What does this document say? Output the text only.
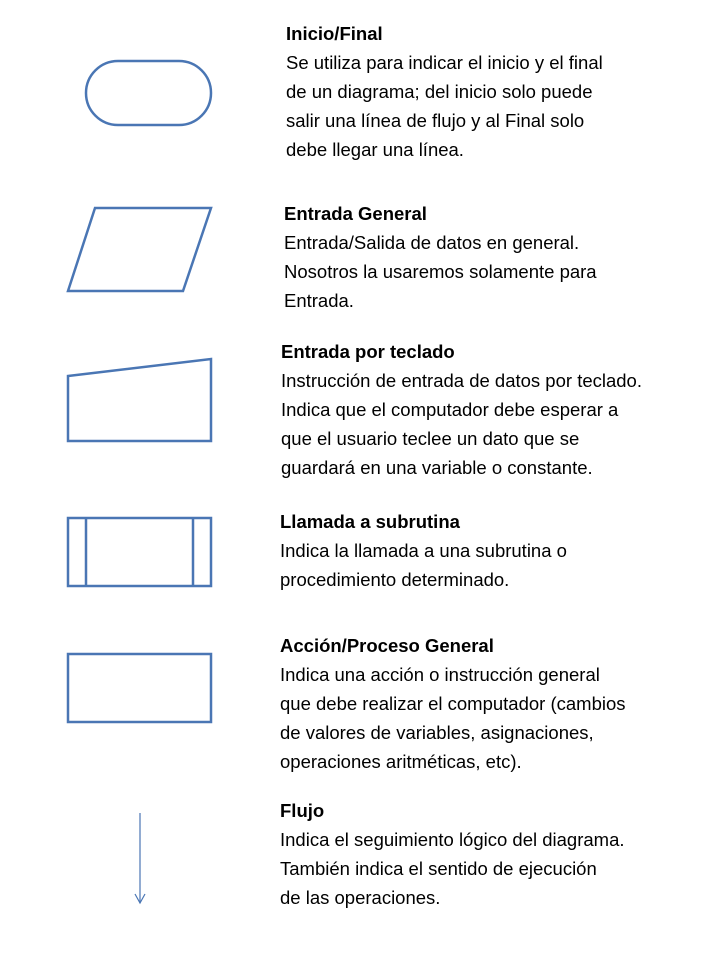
Inicio/Final
Se utiliza para indicar el inicio y el final
de un diagrama; del inicio solo puede
salir una línea de flujo y al Final solo
debe llegar una línea.
Entrada General
Entrada/Salida de datos en general.
Nosotros la usaremos solamente para
Entrada.
Entrada por teclado
Instrucción de entrada de datos por teclado.
Indica que el computador debe esperar a
que el usuario teclee un dato que se
guardará en una variable o constante.
Llamada a subrutina
Indica la llamada a una subrutina o
procedimiento determinado.
Acción/Proceso General
Indica una acción o instrucción general
que debe realizar el computador (cambios
de valores de variables, asignaciones,
operaciones aritméticas, etc).
Flujo
Indica el seguimiento lógico del diagrama.
También indica el sentido de ejecución
de las operaciones.
